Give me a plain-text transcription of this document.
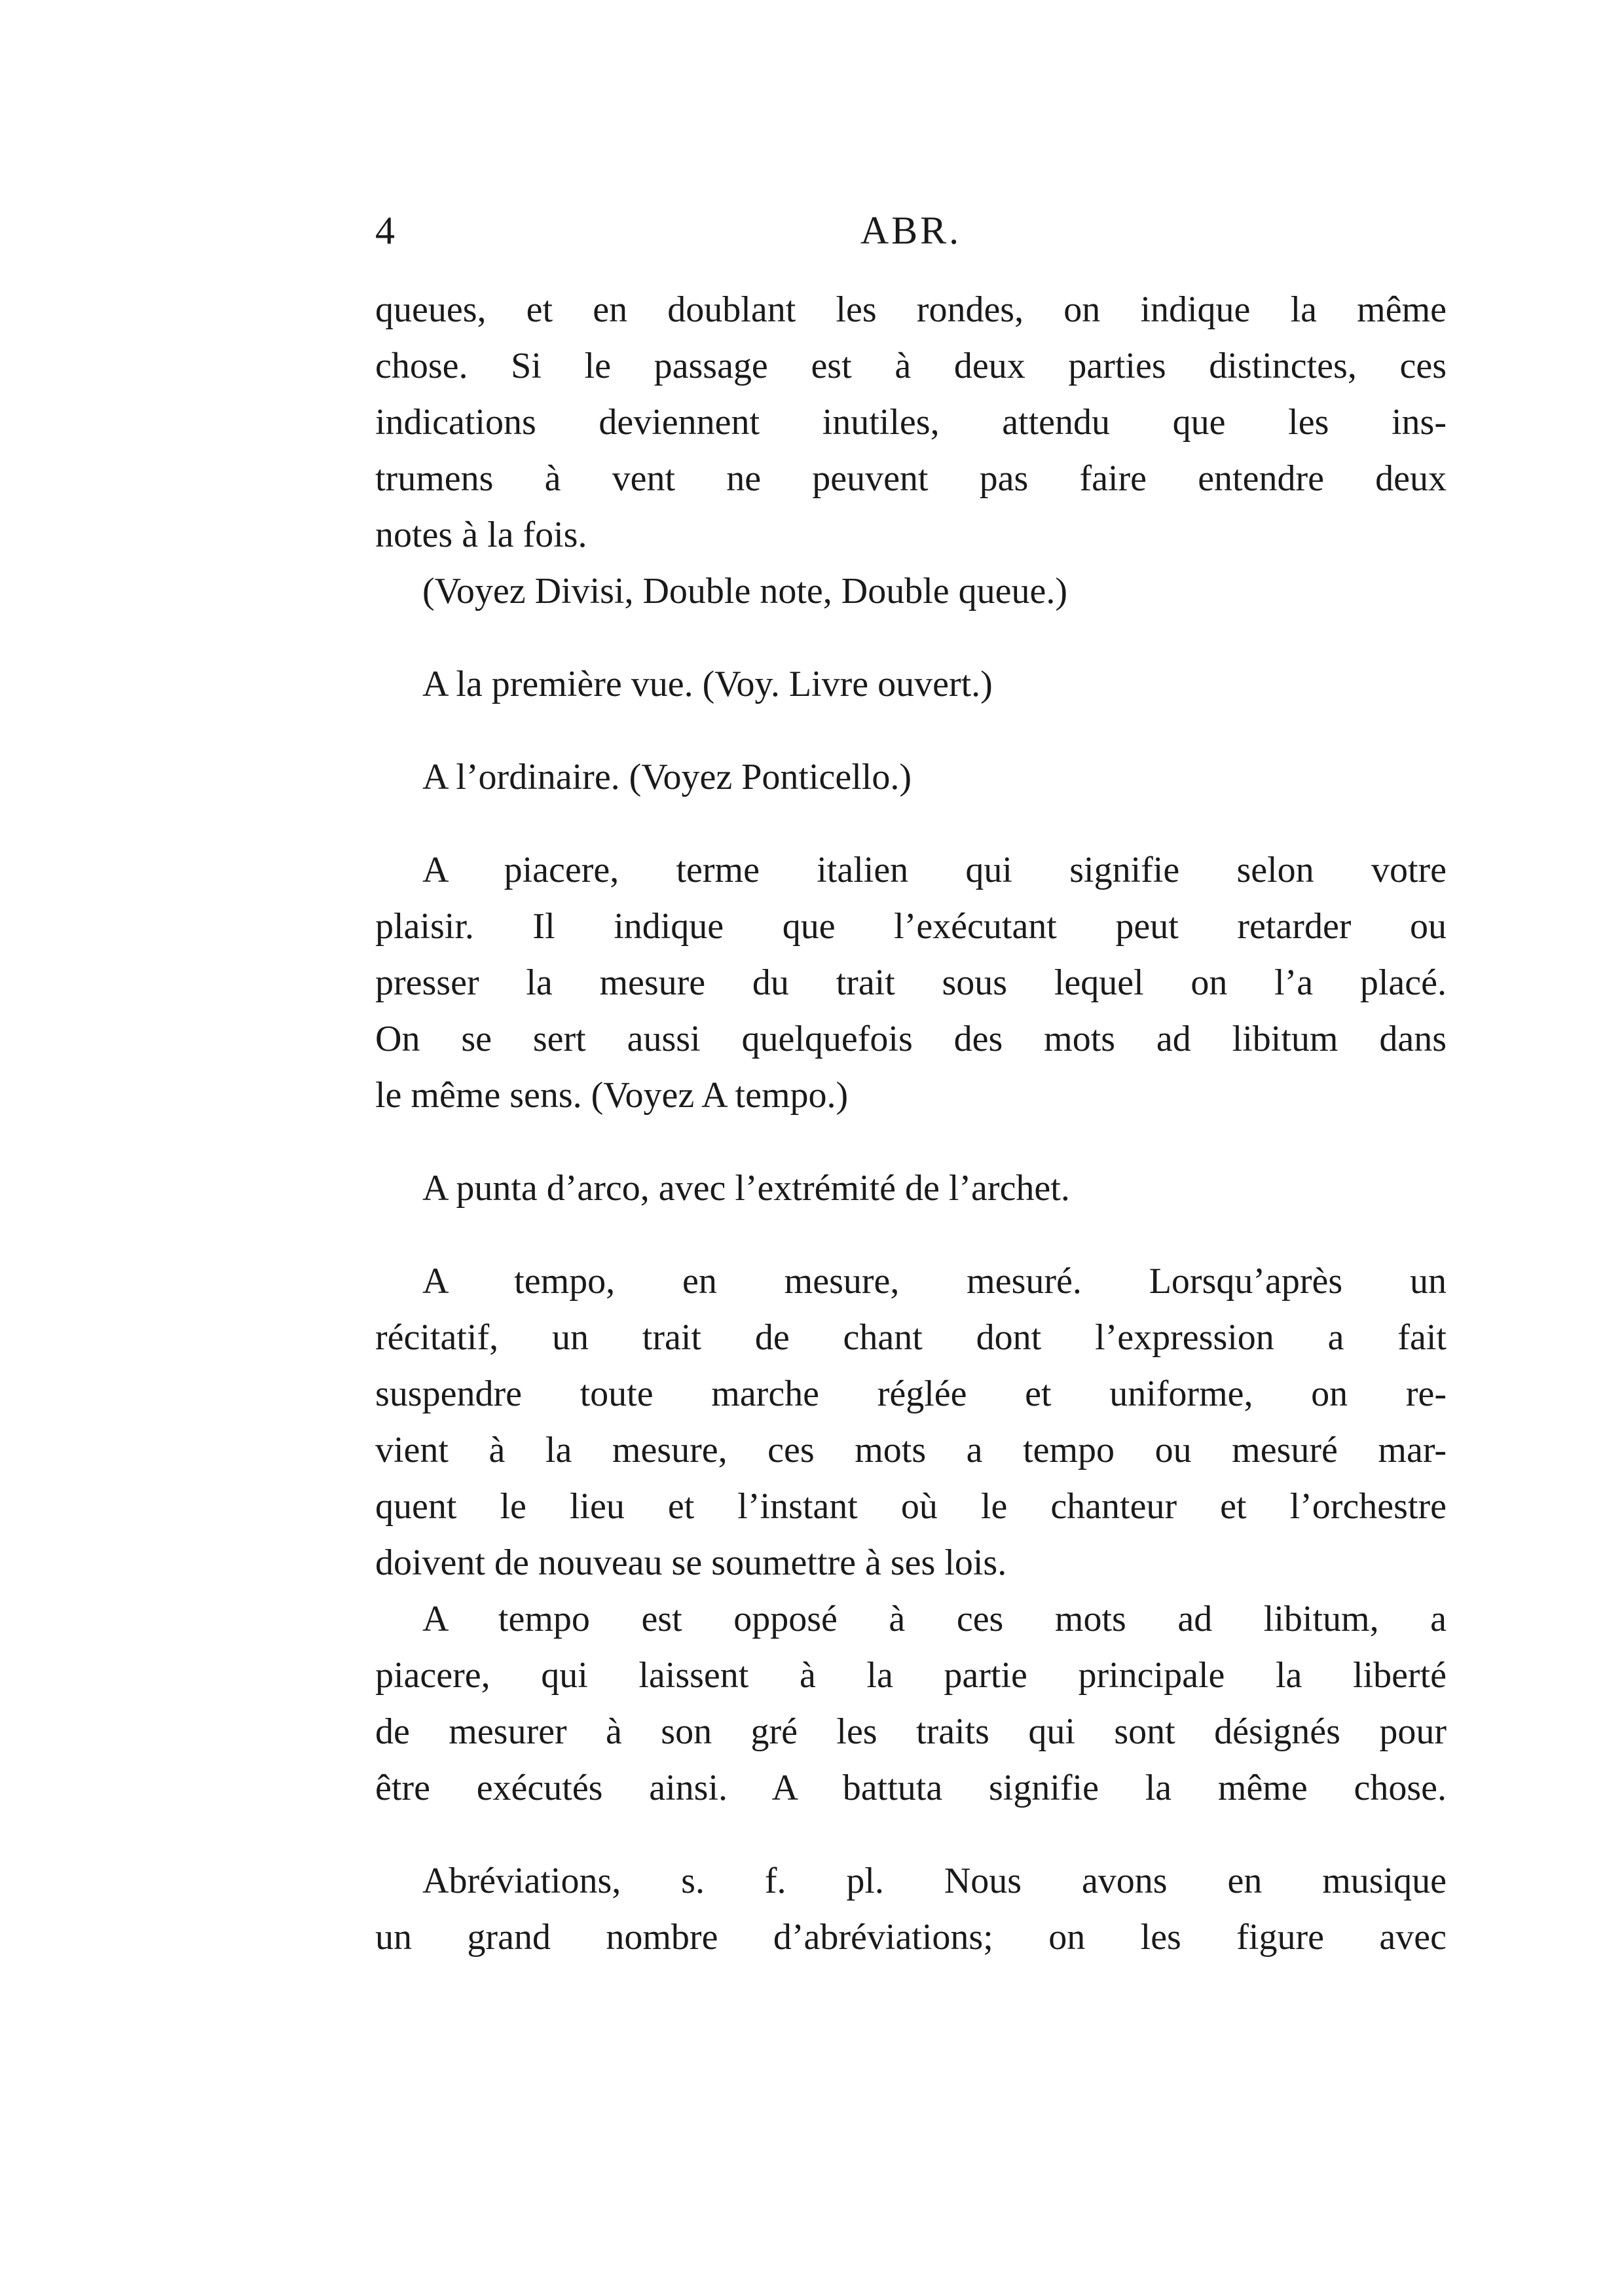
4	ABR.
queues, et en doublant les rondes, on indique la même
chose. Si le passage est à deux parties distinctes, ces
indications deviennent inutiles, attendu que les ins-
trumens à vent ne peuvent pas faire entendre deux
notes à la fois.
(Voyez Divisi, Double note, Double queue.)
A la première vue. (Voy. Livre ouvert.)
A l’ordinaire. (Voyez Ponticello.)
A piacere, terme italien qui signifie selon votre
plaisir. Il indique que l’exécutant peut retarder ou
presser la mesure du trait sous lequel on l’a placé.
On se sert aussi quelquefois des mots ad libitum dans
le même sens. (Voyez A tempo.)
A punta d’arco, avec l’extrémité de l’archet.
A tempo, en mesure, mesuré. Lorsqu’après un
récitatif, un trait de chant dont l’expression a fait
suspendre toute marche réglée et uniforme, on re-
vient à la mesure, ces mots a tempo ou mesuré mar-
quent le lieu et l’instant où le chanteur et l’orchestre
doivent de nouveau se soumettre à ses lois.
A tempo est opposé à ces mots ad libitum, a
piacere, qui laissent à la partie principale la liberté
de mesurer à son gré les traits qui sont désignés pour
être exécutés ainsi. A battuta signifie la même chose.
Abréviations, s. f. pl. Nous avons en musique
un grand nombre d’abréviations; on les figure avec
